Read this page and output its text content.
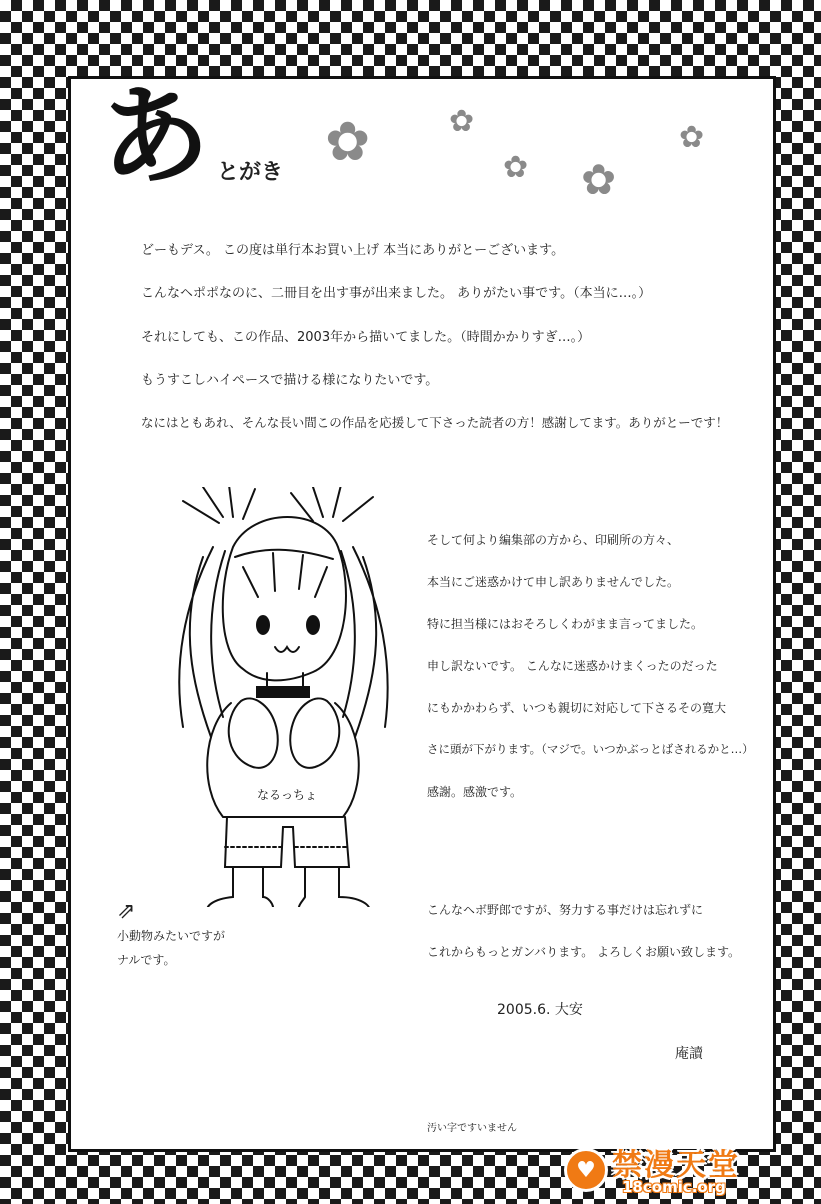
あ とがき ✿	✿
✿ ✿
✿
どーもデス。 この度は単行本お買い上げ 本当にありがとーございます。
こんなヘポポなのに、二冊目を出す事が出来ました。 ありがたい事です。（本当に…。）
それにしても、この作品、2003年から描いてました。（時間かかりすぎ…。）
もうすこしハイペースで描ける様になりたいです。
なにはともあれ、そんな長い間この作品を応援して下さった読者の方！感謝してます。ありがとーです！
なるっちょ
そして何より編集部の方から、印刷所の方々、
本当にご迷惑かけて申し訳ありませんでした。
特に担当様にはおそろしくわがまま言ってました。
申し訳ないです。 こんなに迷惑かけまくったのだった
にもかかわらず、いつも親切に対応して下さるその寛大
さに頭が下がります。（マジで。いつかぶっとばされるかと…）
感謝。感激です。
⇗
小動物みたいですが
ナルです。
こんなヘボ野郎ですが、努力する事だけは忘れずに
これからもっとガンバります。 よろしくお願い致します。
2005.6. 大安
庵讀
汚い字ですいません
♥ 禁漫天堂
18comic.org
